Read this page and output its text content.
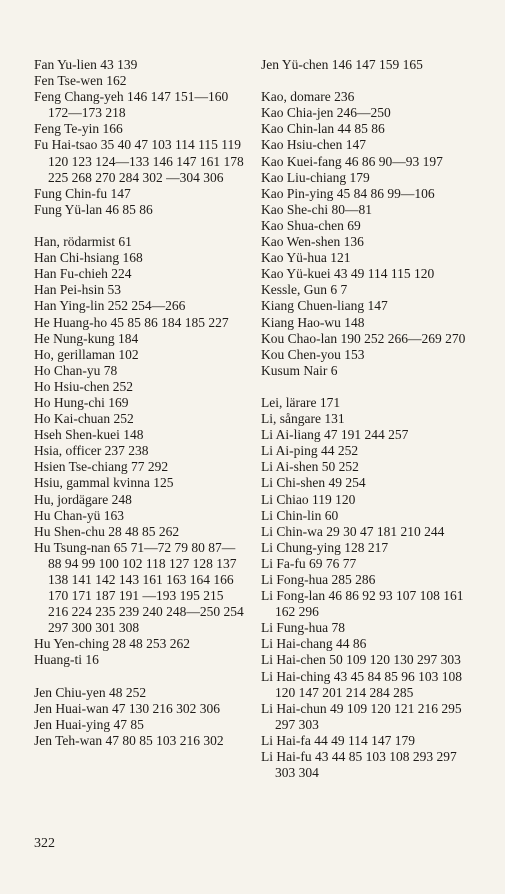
Fan Yu-lien 43 139

Fen Tse-wen 162

Feng Chang-yeh 146 147 151—160 172—173 218

Feng Te-yin 166

Fu Hai-tsao 35 40 47 103 114 115 119 120 123 124—133 146 147 161 178 225 268 270 284 302 —304 306

Fung Chin-fu 147

Fung Yü-lan 46 85 86

Han, rödarmist 61

Han Chi-hsiang 168

Han Fu-chieh 224

Han Pei-hsin 53

Han Ying-lin 252 254—266

He Huang-ho 45 85 86 184 185 227

He Nung-kung 184

Ho, gerillaman 102

Ho Chan-yu 78

Ho Hsiu-chen 252

Ho Hung-chi 169

Ho Kai-chuan 252

Hseh Shen-kuei 148

Hsia, officer 237 238

Hsien Tse-chiang 77 292

Hsiu, gammal kvinna 125

Hu, jordägare 248

Hu Chan-yü 163

Hu Shen-chu 28 48 85 262

Hu Tsung-nan 65 71—72 79 80 87—88 94 99 100 102 118 127 128 137 138 141 142 143 161 163 164 166 170 171 187 191 —193 195 215 216 224 235 239 240 248—250 254 297 300 301 308

Hu Yen-ching 28 48 253 262

Huang-ti 16

Jen Chiu-yen 48 252

Jen Huai-wan 47 130 216 302 306

Jen Huai-ying 47 85

Jen Teh-wan 47 80 85 103 216 302

Jen Yü-chen 146 147 159 165

Kao, domare 236

Kao Chia-jen 246—250

Kao Chin-lan 44 85 86

Kao Hsiu-chen 147

Kao Kuei-fang 46 86 90—93 197

Kao Liu-chiang 179

Kao Pin-ying 45 84 86 99—106

Kao She-chi 80—81

Kao Shua-chen 69

Kao Wen-shen 136

Kao Yü-hua 121

Kao Yü-kuei 43 49 114 115 120

Kessle, Gun 6 7

Kiang Chuen-liang 147

Kiang Hao-wu 148

Kou Chao-lan 190 252 266—269 270

Kou Chen-you 153

Kusum Nair 6

Lei, lärare 171

Li, sångare 131

Li Ai-liang 47 191 244 257

Li Ai-ping 44 252

Li Ai-shen 50 252

Li Chi-shen 49 254

Li Chiao 119 120

Li Chin-lin 60

Li Chin-wa 29 30 47 181 210 244

Li Chung-ying 128 217

Li Fa-fu 69 76 77

Li Fong-hua 285 286

Li Fong-lan 46 86 92 93 107 108 161 162 296

Li Fung-hua 78

Li Hai-chang 44 86

Li Hai-chen 50 109 120 130 297 303

Li Hai-ching 43 45 84 85 96 103 108 120 147 201 214 284 285

Li Hai-chun 49 109 120 121 216 295 297 303

Li Hai-fa 44 49 114 147 179

Li Hai-fu 43 44 85 103 108 293 297 303 304

322
